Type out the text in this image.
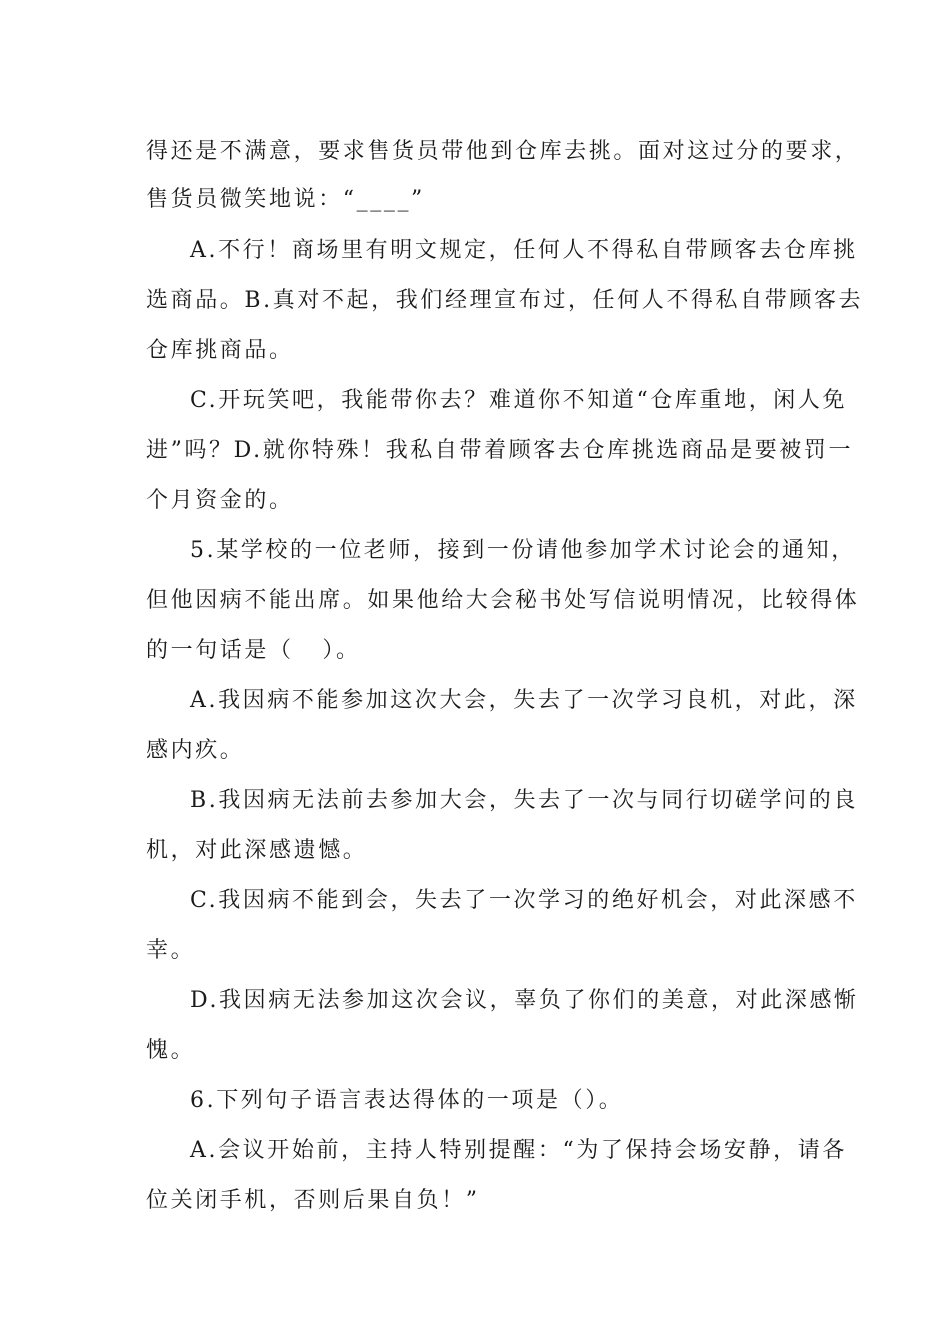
得还是不满意，要求售货员带他到仓库去挑。面对这过分的要求，
售货员微笑地说：“____”
A.不行！商场里有明文规定，任何人不得私自带顾客去仓库挑
选商品。B.真对不起，我们经理宣布过，任何人不得私自带顾客去
仓库挑商品。
C.开玩笑吧，我能带你去？难道你不知道“仓库重地，闲人免
进”吗？D.就你特殊！我私自带着顾客去仓库挑选商品是要被罚一
个月资金的。
5.某学校的一位老师，接到一份请他参加学术讨论会的通知，
但他因病不能出席。如果他给大会秘书处写信说明情况，比较得体
的一句话是（   ）。
A.我因病不能参加这次大会，失去了一次学习良机，对此，深
感内疚。
B.我因病无法前去参加大会，失去了一次与同行切磋学问的良
机，对此深感遗憾。
C.我因病不能到会，失去了一次学习的绝好机会，对此深感不
幸。
D.我因病无法参加这次会议，辜负了你们的美意，对此深感惭
愧。
6.下列句子语言表达得体的一项是（）。
A.会议开始前，主持人特别提醒：“为了保持会场安静，请各
位关闭手机，否则后果自负！”
